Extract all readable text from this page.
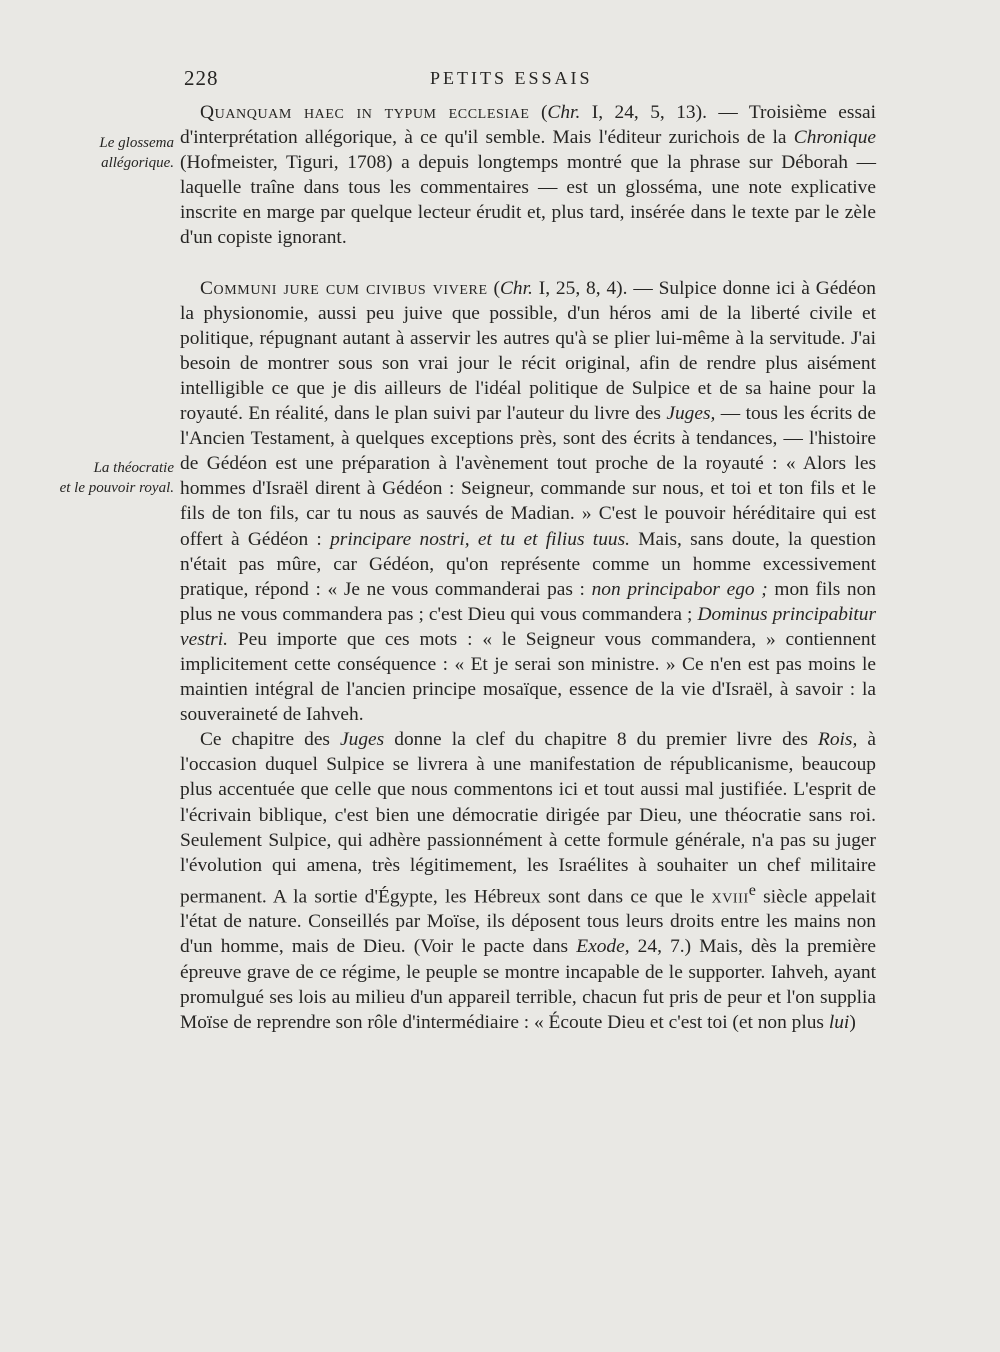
228	PETITS ESSAIS
Le glossema
allégorique.
La théocratie
et le pouvoir royal.

Quanquam haec in typum ecclesiae (Chr. I, 24, 5, 13). — Troisième essai d'interprétation allégorique, à ce qu'il semble. Mais l'éditeur zurichois de la Chronique (Hofmeister, Tiguri, 1708) a depuis longtemps montré que la phrase sur Déborah — laquelle traîne dans tous les commentaires — est un glosséma, une note explicative inscrite en marge par quelque lecteur érudit et, plus tard, insérée dans le texte par le zèle d'un copiste ignorant.

Communi jure cum civibus vivere (Chr. I, 25, 8, 4). — Sulpice donne ici à Gédéon la physionomie, aussi peu juive que possible, d'un héros ami de la liberté civile et politique, répugnant autant à asservir les autres qu'à se plier lui-même à la servitude. J'ai besoin de montrer sous son vrai jour le récit original, afin de rendre plus aisément intelligible ce que je dis ailleurs de l'idéal politique de Sulpice et de sa haine pour la royauté. En réalité, dans le plan suivi par l'auteur du livre des Juges, — tous les écrits de l'Ancien Testament, à quelques exceptions près, sont des écrits à tendances, — l'histoire de Gédéon est une préparation à l'avènement tout proche de la royauté : « Alors les hommes d'Israël dirent à Gédéon : Seigneur, commande sur nous, et toi et ton fils et le fils de ton fils, car tu nous as sauvés de Madian. » C'est le pouvoir héréditaire qui est offert à Gédéon : principare nostri, et tu et filius tuus. Mais, sans doute, la question n'était pas mûre, car Gédéon, qu'on représente comme un homme excessivement pratique, répond : « Je ne vous commanderai pas : non principabor ego ; mon fils non plus ne vous commandera pas ; c'est Dieu qui vous commandera ; Dominus principabitur vestri. Peu importe que ces mots : « le Seigneur vous commandera, » contiennent implicitement cette conséquence : « Et je serai son ministre. » Ce n'en est pas moins le maintien intégral de l'ancien principe mosaïque, essence de la vie d'Israël, à savoir : la souveraineté de Iahveh.

Ce chapitre des Juges donne la clef du chapitre 8 du premier livre des Rois, à l'occasion duquel Sulpice se livrera à une manifestation de républicanisme, beaucoup plus accentuée que celle que nous commentons ici et tout aussi mal justifiée. L'esprit de l'écrivain biblique, c'est bien une démocratie dirigée par Dieu, une théocratie sans roi. Seulement Sulpice, qui adhère passionnément à cette formule générale, n'a pas su juger l'évolution qui amena, très légitimement, les Israélites à souhaiter un chef militaire permanent. A la sortie d'Égypte, les Hébreux sont dans ce que le xviii$^e$ siècle appelait l'état de nature. Conseillés par Moïse, ils déposent tous leurs droits entre les mains non d'un homme, mais de Dieu. (Voir le pacte dans Exode, 24, 7.) Mais, dès la première épreuve grave de ce régime, le peuple se montre incapable de le supporter. Iahveh, ayant promulgué ses lois au milieu d'un appareil terrible, chacun fut pris de peur et l'on supplia Moïse de reprendre son rôle d'intermédiaire : « Écoute Dieu et c'est toi (et non plus lui)
